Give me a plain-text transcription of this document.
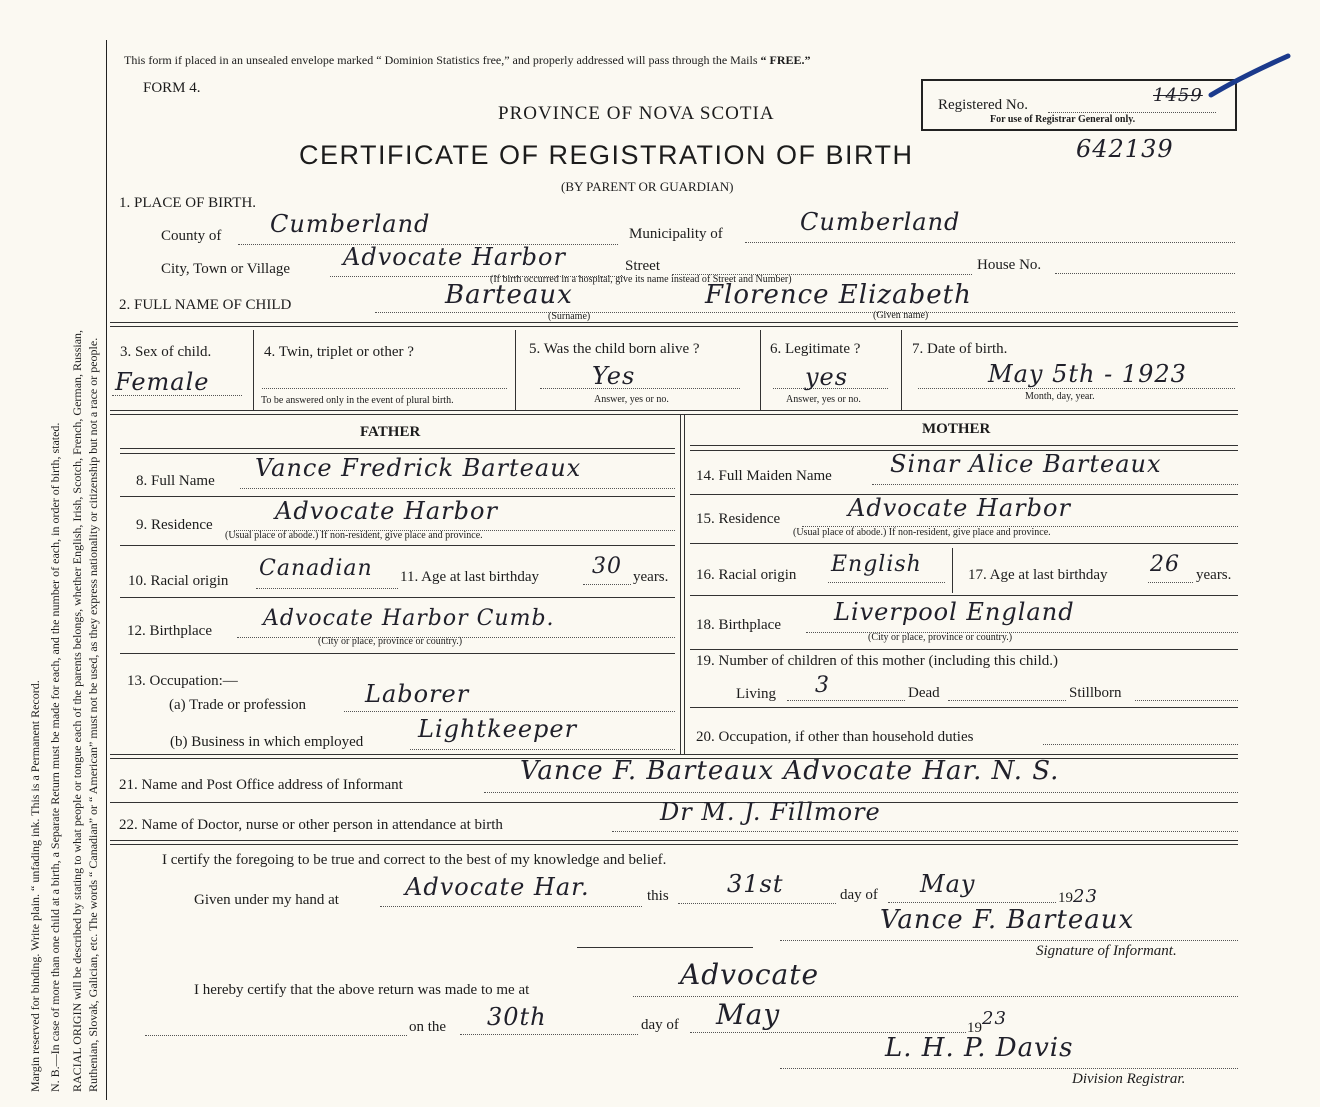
Margin reserved for binding. Write plain. “ unfading ink. This is a Permanent Record. N. B.—In case of more than one child at a birth, a Separate Return must be made for each, and the number of each, in order of birth, stated. RACIAL ORIGIN will be described by stating to what people or tongue each of the parents belongs, whether English, Irish, Scotch, French, German, Russian, Ruthenian, Slovak, Galician, etc. The words “ Canadian” or “ American” must not be used, as they express nationality or citizenship but not a race or people.
This form if placed in an unsealed envelope marked “ Dominion Statistics free,” and properly addressed will pass through the Mails “ FREE.”
FORM 4.
PROVINCE OF NOVA SCOTIA
CERTIFICATE OF REGISTRATION OF BIRTH	642139
(BY PARENT OR GUARDIAN)
Registered No.	1459
For use of Registrar General only.
1. PLACE OF BIRTH.
County of Cumberland	Municipality of	Cumberland
City, Town or Village Advocate Harbor	Street	House No.
(If birth occurred in a hospital, give its name instead of Street and Number)
2. FULL NAME OF CHILD	Barteaux	Florence Elizabeth
(Surname)	(Given name)
3. Sex of child.
Female
4. Twin, triplet or other ?
To be answered only in the event of plural birth.
5. Was the child born alive ?
Yes
Answer, yes or no.
6. Legitimate ?
yes
Answer, yes or no.
7. Date of birth.
May 5th - 1923
Month, day, year.
FATHER	MOTHER
8. Full Name Vance Fredrick Barteaux
9. Residence	Advocate Harbor
(Usual place of abode.) If non-resident, give place and province.
10. Racial origin Canadian 11. Age at last birthday 30 years.
12. Birthplace Advocate Harbor Cumb.
(City or place, province or country.)
13. Occupation:—
(a) Trade or profession Laborer
(b) Business in which employed Lightkeeper
14. Full Maiden Name Sinar Alice Barteaux
15. Residence	Advocate Harbor
(Usual place of abode.) If non-resident, give place and province.
16. Racial origin English	17. Age at last birthday 26 years.
18. Birthplace Liverpool England
(City or place, province or country.)
19. Number of children of this mother (including this child.)
Living 3	Dead	Stillborn
20. Occupation, if other than household duties
21. Name and Post Office address of Informant	Vance F. Barteaux Advocate Har. N. S.
22. Name of Doctor, nurse or other person in attendance at birth	Dr M. J. Fillmore
I certify the foregoing to be true and correct to the best of my knowledge and belief.
Given under my hand at	Advocate Har.	this 31st	day of May	1923
Vance F. Barteaux
Signature of Informant.
I hereby certify that the above return was made to me at	Advocate
on the 30th	day of May	1923
L. H. P. Davis
Division Registrar.
